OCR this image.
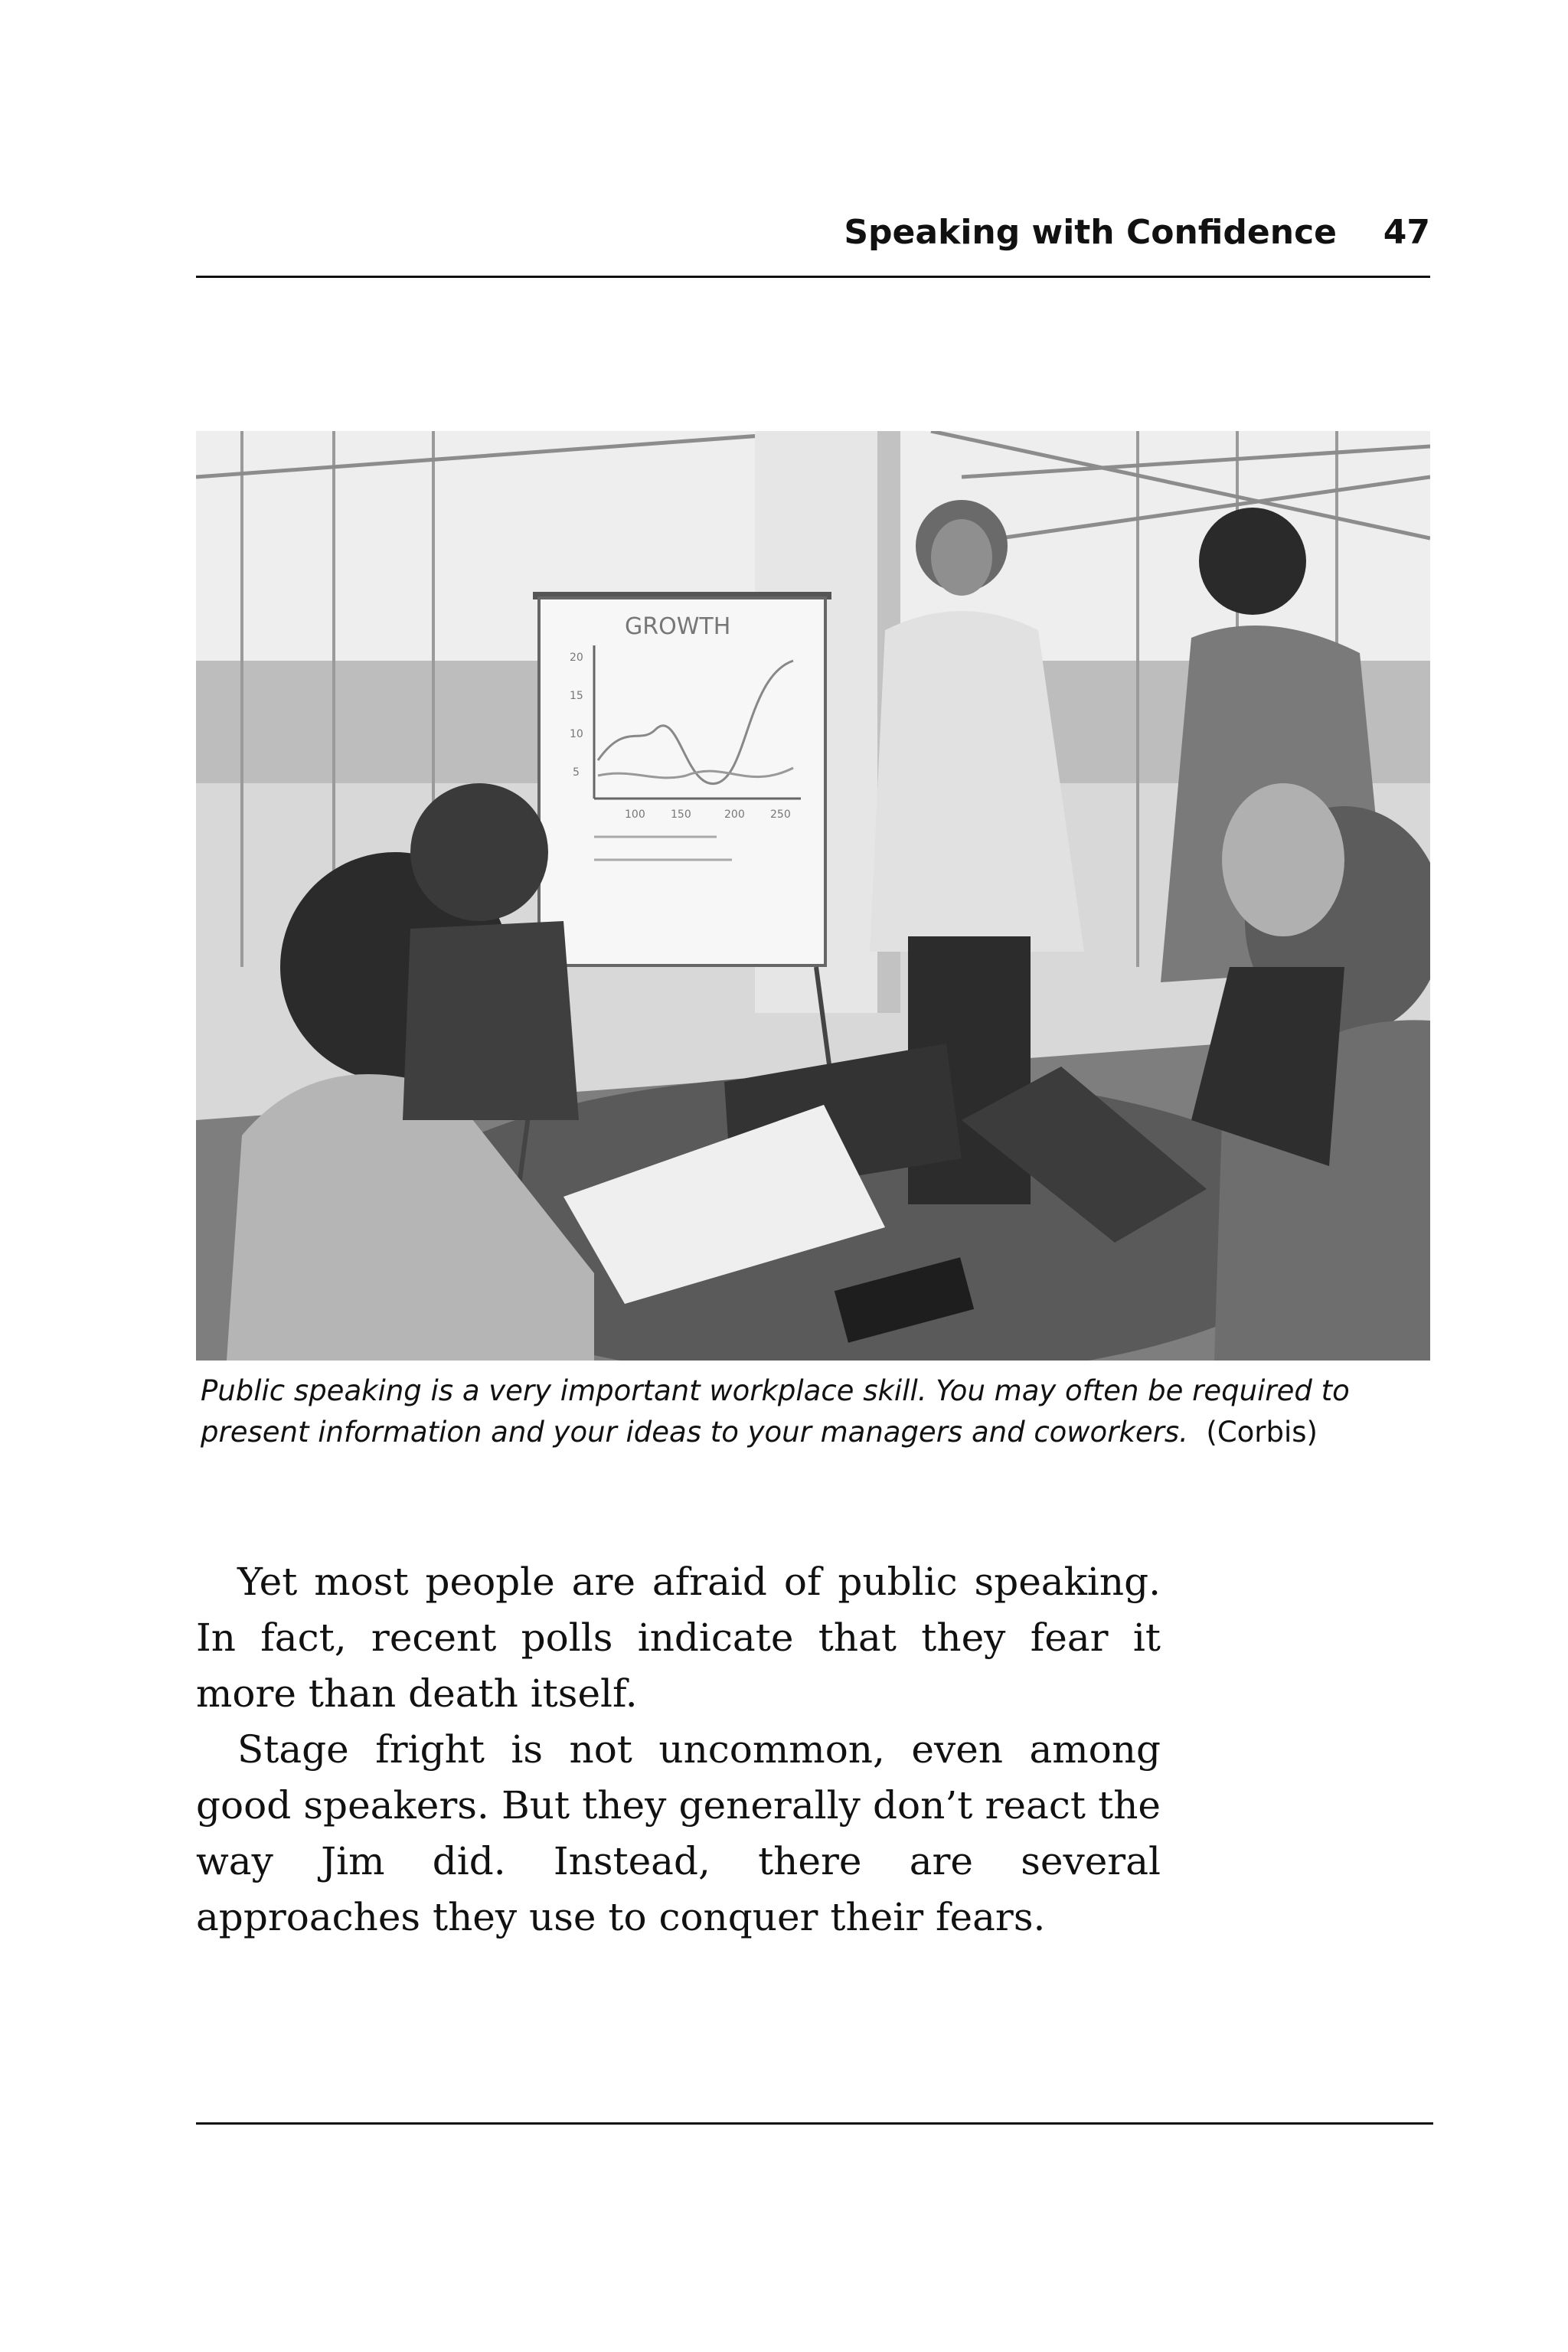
Speaking with Confidence 47
GROWTH
20
15
10
5
100 150	200 250
Public speaking is a very important workplace skill. You may often be required to present information and your ideas to your managers and coworkers. (Corbis)

Yet most people are afraid of public speaking. In fact, recent polls indicate that they fear it more than death itself.

Stage fright is not uncommon, even among good speakers. But they generally don’t react the way Jim did. Instead, there are several approaches they use to conquer their fears.
